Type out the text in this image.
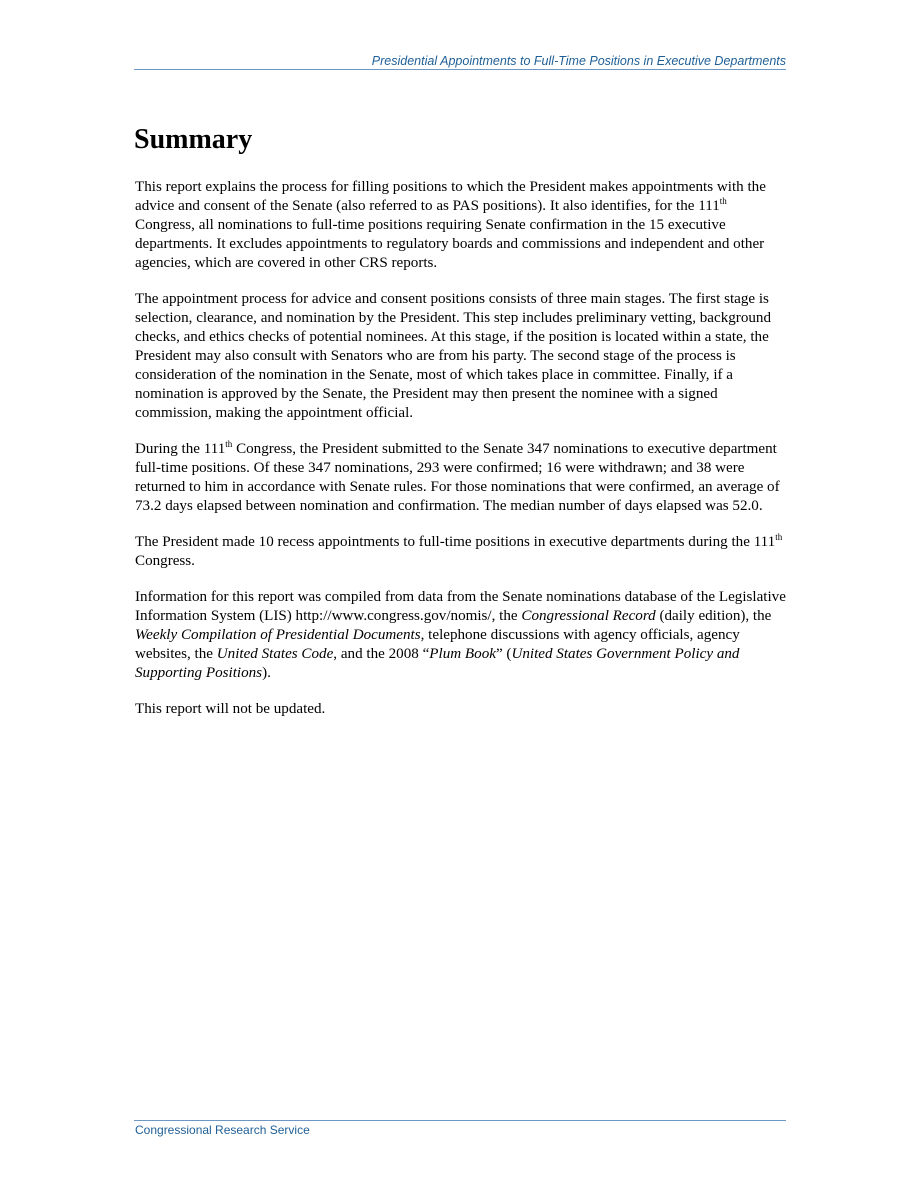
Presidential Appointments to Full-Time Positions in Executive Departments
Summary

This report explains the process for filling positions to which the President makes appointments with the advice and consent of the Senate (also referred to as PAS positions). It also identifies, for the 111th Congress, all nominations to full-time positions requiring Senate confirmation in the 15 executive departments. It excludes appointments to regulatory boards and commissions and independent and other agencies, which are covered in other CRS reports.

The appointment process for advice and consent positions consists of three main stages. The first stage is selection, clearance, and nomination by the President. This step includes preliminary vetting, background checks, and ethics checks of potential nominees. At this stage, if the position is located within a state, the President may also consult with Senators who are from his party. The second stage of the process is consideration of the nomination in the Senate, most of which takes place in committee. Finally, if a nomination is approved by the Senate, the President may then present the nominee with a signed commission, making the appointment official.

During the 111th Congress, the President submitted to the Senate 347 nominations to executive department full-time positions. Of these 347 nominations, 293 were confirmed; 16 were withdrawn; and 38 were returned to him in accordance with Senate rules. For those nominations that were confirmed, an average of 73.2 days elapsed between nomination and confirmation. The median number of days elapsed was 52.0.

The President made 10 recess appointments to full-time positions in executive departments during the 111th Congress.

Information for this report was compiled from data from the Senate nominations database of the Legislative Information System (LIS) http://www.congress.gov/nomis/, the Congressional Record (daily edition), the Weekly Compilation of Presidential Documents, telephone discussions with agency officials, agency websites, the United States Code, and the 2008 “Plum Book” (United States Government Policy and Supporting Positions).

This report will not be updated.

Congressional Research Service
